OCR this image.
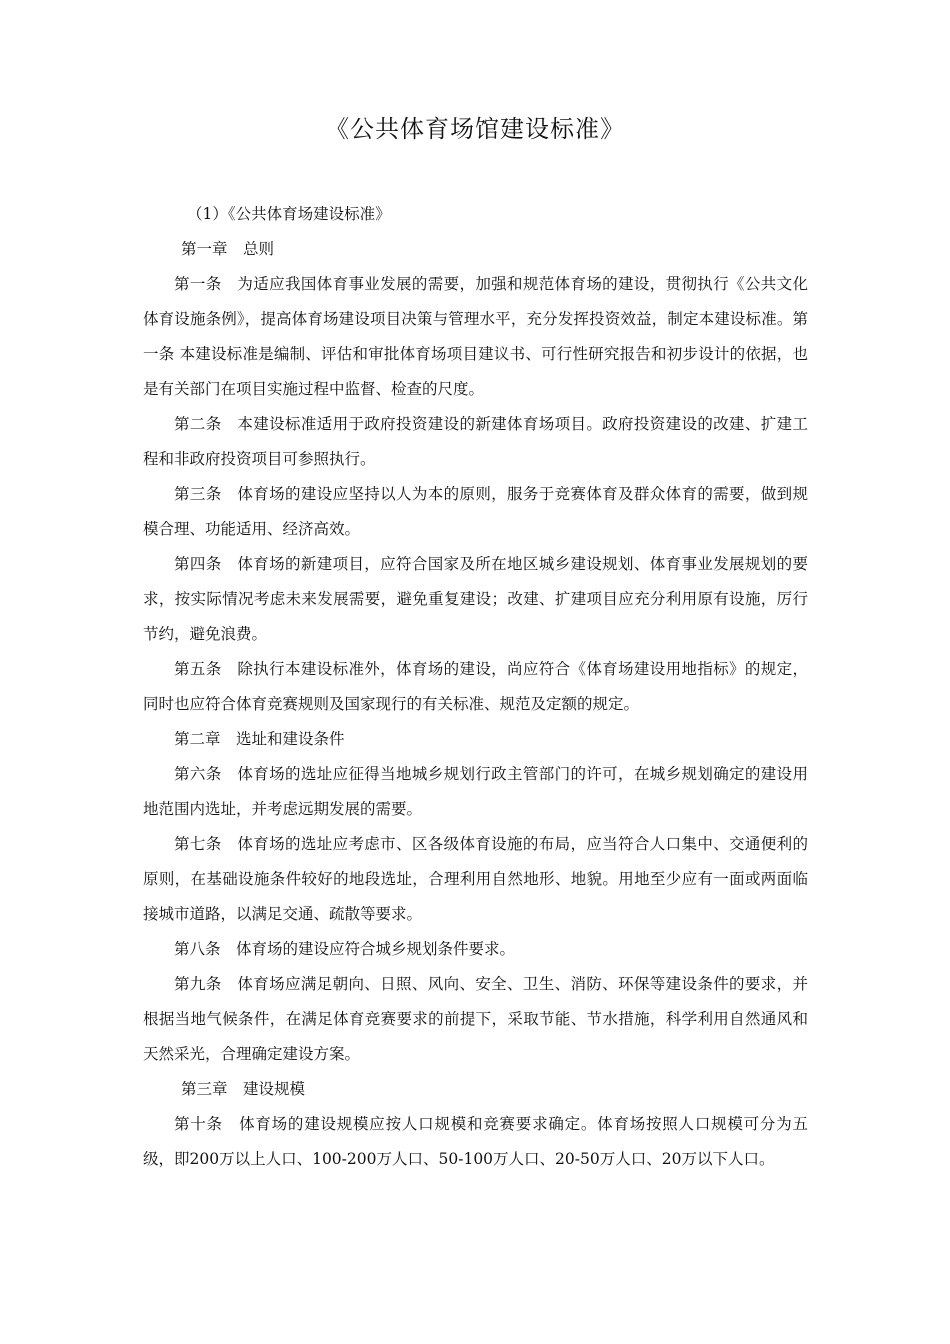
《公共体育场馆建设标准》

（1）《公共体育场建设标准》

第一章　总则

第一条　为适应我国体育事业发展的需要，加强和规范体育场的建设，贯彻执行《公共文化体育设施条例》，提高体育场建设项目决策与管理水平，充分发挥投资效益，制定本建设标准。第一条 本建设标准是编制、评估和审批体育场项目建议书、可行性研究报告和初步设计的依据，也是有关部门在项目实施过程中监督、检查的尺度。

第二条　本建设标准适用于政府投资建设的新建体育场项目。政府投资建设的改建、扩建工程和非政府投资项目可参照执行。

第三条　体育场的建设应坚持以人为本的原则，服务于竞赛体育及群众体育的需要，做到规模合理、功能适用、经济高效。

第四条　体育场的新建项目，应符合国家及所在地区城乡建设规划、体育事业发展规划的要求，按实际情况考虑未来发展需要，避免重复建设；改建、扩建项目应充分利用原有设施，厉行节约，避免浪费。

第五条　除执行本建设标准外，体育场的建设，尚应符合《体育场建设用地指标》的规定，同时也应符合体育竞赛规则及国家现行的有关标准、规范及定额的规定。

第二章　选址和建设条件

第六条　体育场的选址应征得当地城乡规划行政主管部门的许可，在城乡规划确定的建设用地范围内选址，并考虑远期发展的需要。

第七条　体育场的选址应考虑市、区各级体育设施的布局，应当符合人口集中、交通便利的原则，在基础设施条件较好的地段选址，合理利用自然地形、地貌。用地至少应有一面或两面临接城市道路，以满足交通、疏散等要求。

第八条　体育场的建设应符合城乡规划条件要求。

第九条　体育场应满足朝向、日照、风向、安全、卫生、消防、环保等建设条件的要求，并根据当地气候条件，在满足体育竞赛要求的前提下，采取节能、节水措施，科学利用自然通风和天然采光，合理确定建设方案。

第三章　建设规模

第十条　体育场的建设规模应按人口规模和竞赛要求确定。体育场按照人口规模可分为五级，即200万以上人口、100-200万人口、50-100万人口、20-50万人口、20万以下人口。
